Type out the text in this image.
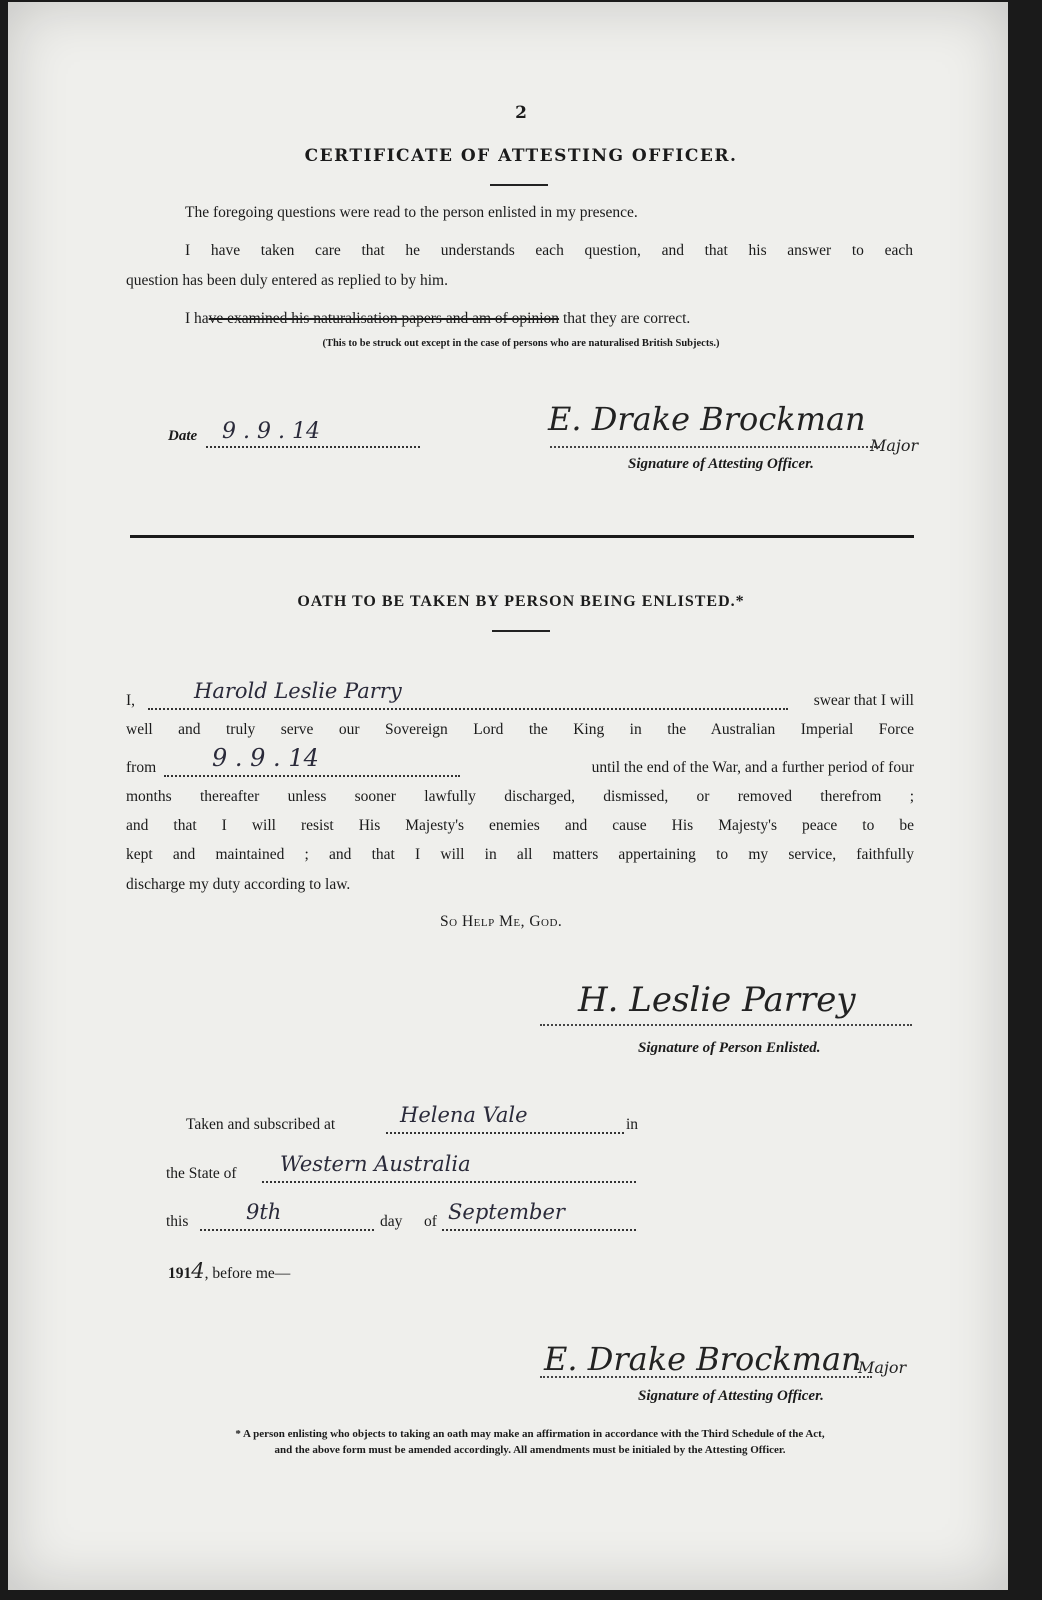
2
CERTIFICATE OF ATTESTING OFFICER.
The foregoing questions were read to the person enlisted in my presence.
I have taken care that he understands each question, and that his answer to each
question has been duly entered as replied to by him.
I have examined his naturalisation papers and am of opinion that they are correct.
(This to be struck out except in the case of persons who are naturalised British Subjects.)
Date 9 . 9 . 14	E. Drake Brockman
Major
Signature of Attesting Officer.
OATH TO BE TAKEN BY PERSON BEING ENLISTED.*
I,	Harold Leslie Parry	swear that I will
well and truly serve our Sovereign Lord the King in the Australian Imperial Force
from 9 . 9 . 14	until the end of the War, and a further period of four
months thereafter unless sooner lawfully discharged, dismissed, or removed therefrom ;
and that I will resist His Majesty's enemies and cause His Majesty's peace to be
kept and maintained ; and that I will in all matters appertaining to my service, faithfully
discharge my duty according to law.
So Help Me, God.
H. Leslie Parrey
Signature of Person Enlisted.
Taken and subscribed at	Helena Vale	in
the State of Western Australia
this	9th	day of September
1914, before me—
E. Drake Brockman
Major
Signature of Attesting Officer.
* A person enlisting who objects to taking an oath may make an affirmation in accordance with the Third Schedule of the Act,
and the above form must be amended accordingly. All amendments must be initialed by the Attesting Officer.
